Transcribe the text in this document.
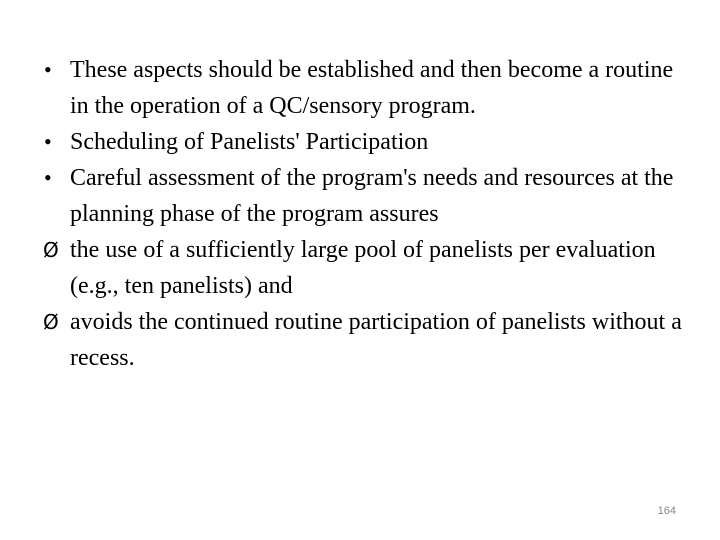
• These aspects should be established and then become a routine in the operation of a QC/sensory program.
• Scheduling of Panelists' Participation
• Careful assessment of the program's needs and resources at the planning phase of the program assures
Ø the use of a sufficiently large pool of panelists per evaluation (e.g., ten panelists) and
Ø avoids the continued routine participation of panelists without a recess.
164
